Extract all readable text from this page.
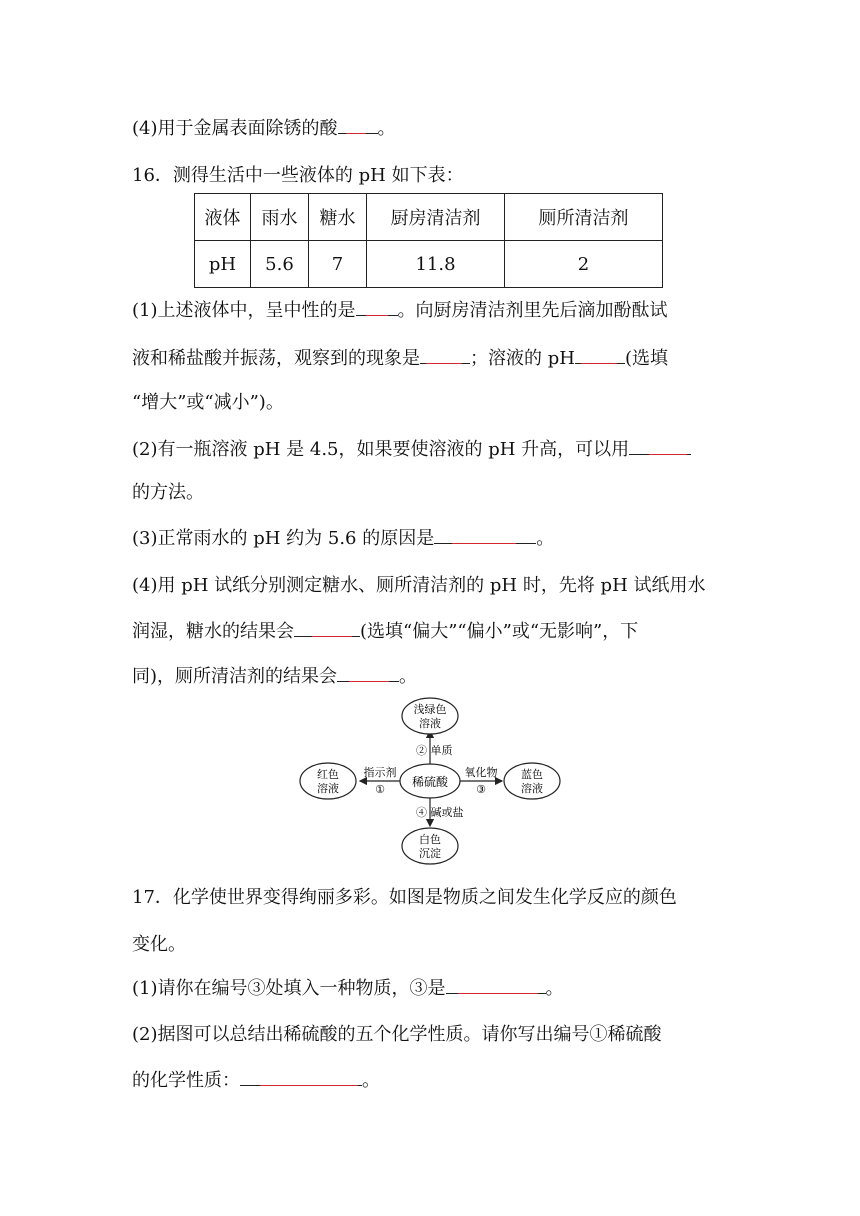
(4)用于金属表面除锈的酸 。
16．测得生活中一些液体的 pH 如下表：
液体	雨水	糖水	厨房清洁剂	厕所清洁剂
pH	5.6	7	11.8	2
(1)上述液体中，呈中性的是 。向厨房清洁剂里先后滴加酚酞试
液和稀盐酸并振荡，观察到的现象是	；溶液的 pH	(选填
“增大”或“减小”)。
(2)有一瓶溶液 pH 是 4.5，如果要使溶液的 pH 升高，可以用
的方法。
(3)正常雨水的 pH 约为 5.6 的原因是	。
(4)用 pH 试纸分别测定糖水、厕所清洁剂的 pH 时，先将 pH 试纸用水
润湿，糖水的结果会	(选填“偏大”“偏小”或“无影响”，下
同)，厕所清洁剂的结果会	。
稀硫酸
浅绿色
溶液
红色
溶液
蓝色
溶液
白色
沉淀
② 单质
指示剂
①
氧化物
③
④ 碱或盐
17．化学使世界变得绚丽多彩。如图是物质之间发生化学反应的颜色
变化。
(1)请你在编号③处填入一种物质，③是	。
(2)据图可以总结出稀硫酸的五个化学性质。请你写出编号①稀硫酸
的化学性质：	。
